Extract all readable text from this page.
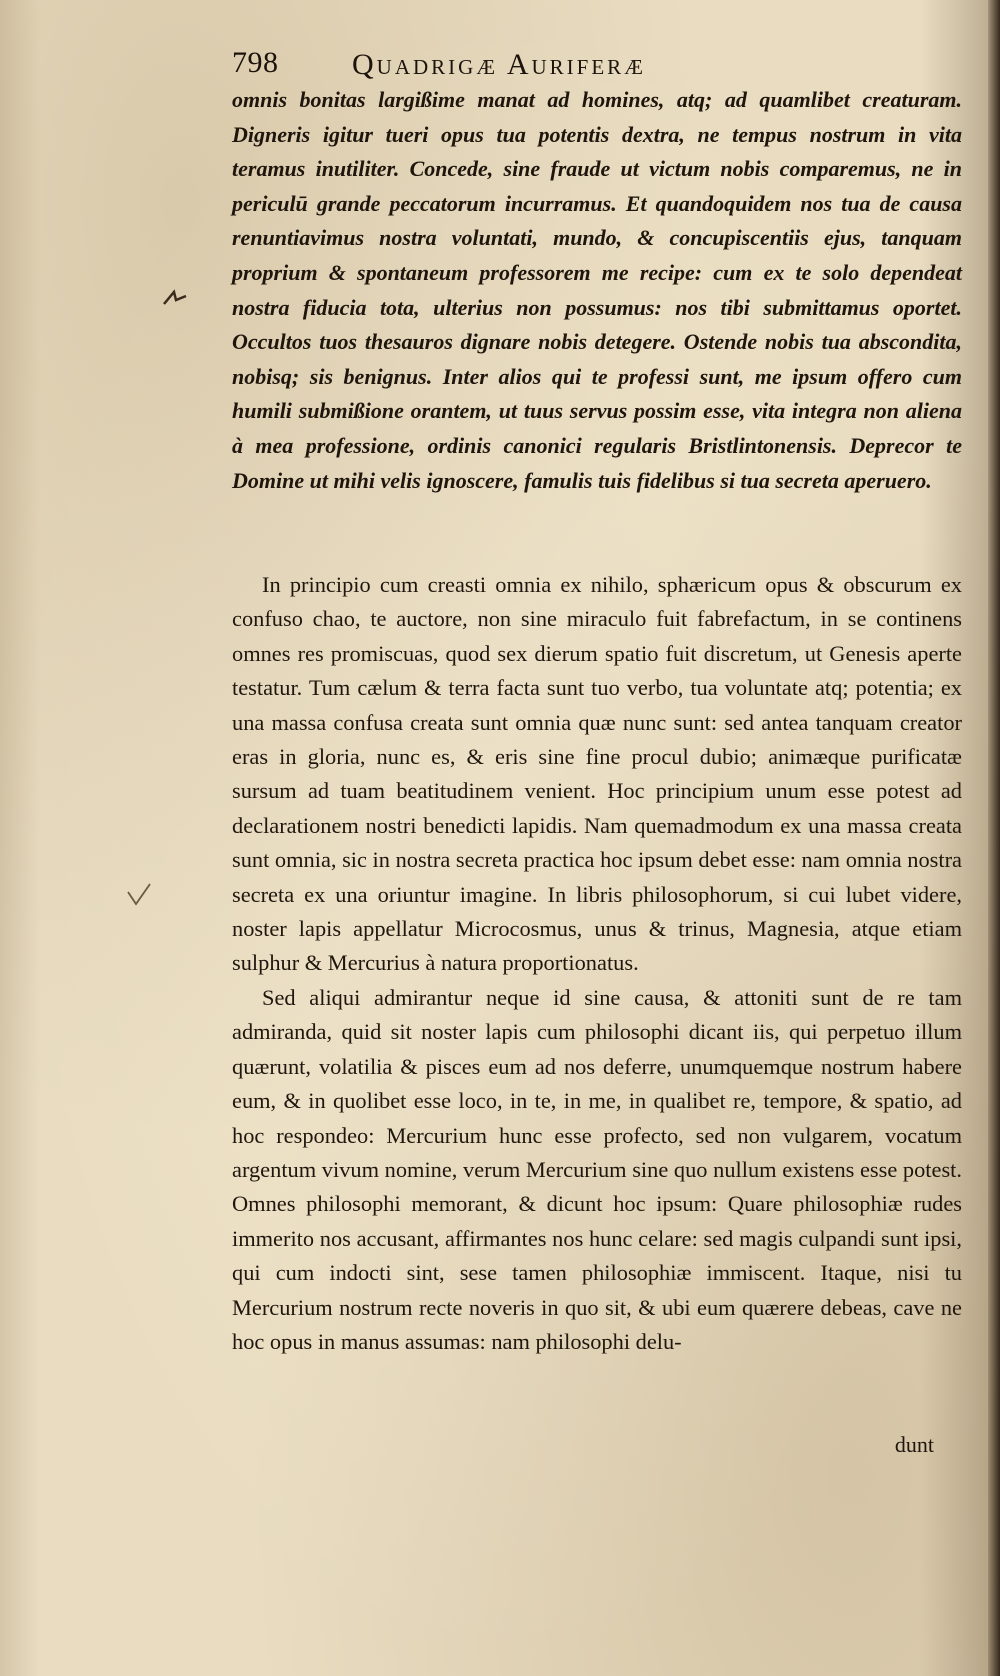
798 Quadrigæ Auriferæ
omnis bonitas largißime manat ad homines, atq; ad quamlibet creaturam. Digneris igitur tueri opus tua potentis dextra, ne tempus nostrum in vita teramus inutiliter. Concede, sine fraude ut victum nobis comparemus, ne in periculū grande peccatorum incurramus. Et quandoquidem nos tua de causa renuntiavimus nostra voluntati, mundo, & concupiscentiis ejus, tanquam proprium & spontaneum professorem me recipe: cum ex te solo dependeat nostra fiducia tota, ulterius non possumus: nos tibi submittamus oportet. Occultos tuos thesauros dignare nobis detegere. Ostende nobis tua abscondita, nobisq; sis benignus. Inter alios qui te professi sunt, me ipsum offero cum humili submißione orantem, ut tuus servus possim esse, vita integra non aliena à mea professione, ordinis canonici regularis Bristlintonensis. Deprecor te Domine ut mihi velis ignoscere, famulis tuis fidelibus si tua secreta aperuero.

In principio cum creasti omnia ex nihilo, sphæricum opus & obscurum ex confuso chao, te auctore, non sine miraculo fuit fabrefactum, in se continens omnes res promiscuas, quod sex dierum spatio fuit discretum, ut Genesis aperte testatur. Tum cælum & terra facta sunt tuo verbo, tua voluntate atq; potentia; ex una massa confusa creata sunt omnia quæ nunc sunt: sed antea tanquam creator eras in gloria, nunc es, & eris sine fine procul dubio; animæque purificatæ sursum ad tuam beatitudinem venient. Hoc principium unum esse potest ad declarationem nostri benedicti lapidis. Nam quemadmodum ex una massa creata sunt omnia, sic in nostra secreta practica hoc ipsum debet esse: nam omnia nostra secreta ex una oriuntur imagine. In libris philosophorum, si cui lubet videre, noster lapis appellatur Microcosmus, unus & trinus, Magnesia, atque etiam sulphur & Mercurius à natura proportionatus.

Sed aliqui admirantur neque id sine causa, & attoniti sunt de re tam admiranda, quid sit noster lapis cum philosophi dicant iis, qui perpetuo illum quærunt, volatilia & pisces eum ad nos deferre, unumquemque nostrum habere eum, & in quolibet esse loco, in te, in me, in qualibet re, tempore, & spatio, ad hoc respondeo: Mercurium hunc esse profecto, sed non vulgarem, vocatum argentum vivum nomine, verum Mercurium sine quo nullum existens esse potest. Omnes philosophi memorant, & dicunt hoc ipsum: Quare philosophiæ rudes immerito nos accusant, affirmantes nos hunc celare: sed magis culpandi sunt ipsi, qui cum indocti sint, sese tamen philosophiæ immiscent. Itaque, nisi tu Mercurium nostrum recte noveris in quo sit, & ubi eum quærere debeas, cave ne hoc opus in manus assumas: nam philosophi delu-

dunt
